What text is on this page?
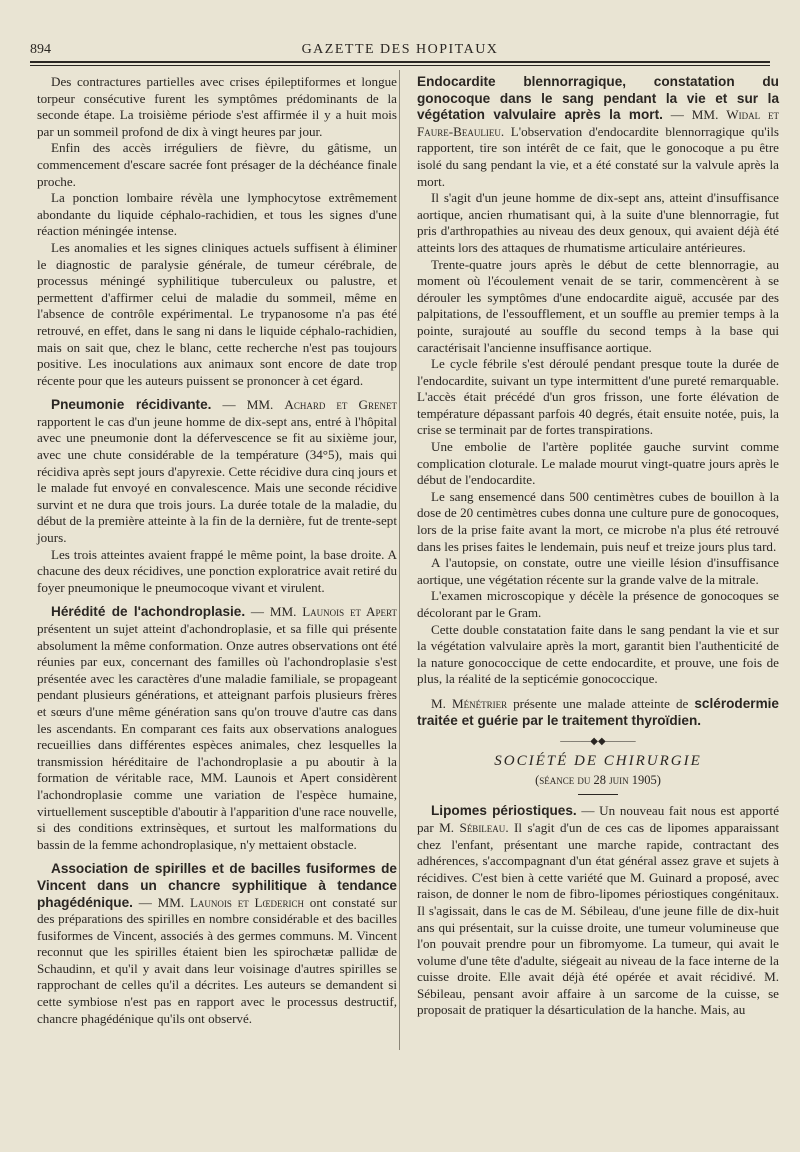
894	GAZETTE DES HOPITAUX

Des contractures partielles avec crises épileptiformes et longue torpeur consécutive furent les symptômes prédominants de la seconde étape. La troisième période s'est affirmée il y a huit mois par un sommeil profond de dix à vingt heures par jour.

Enfin des accès irréguliers de fièvre, du gâtisme, un commencement d'escare sacrée font présager de la déchéance finale proche.

La ponction lombaire révèla une lymphocytose extrêmement abondante du liquide céphalo-rachidien, et tous les signes d'une réaction méningée intense.

Les anomalies et les signes cliniques actuels suffisent à éliminer le diagnostic de paralysie générale, de tumeur cérébrale, de processus méningé syphilitique tuberculeux ou palustre, et permettent d'affirmer celui de maladie du sommeil, même en l'absence de contrôle expérimental. Le trypanosome n'a pas été retrouvé, en effet, dans le sang ni dans le liquide céphalo-rachidien, mais on sait que, chez le blanc, cette recherche n'est pas toujours positive. Les inoculations aux animaux sont encore de date trop récente pour que les auteurs puissent se prononcer à cet égard.

Pneumonie récidivante. — MM. Achard et Grenet rapportent le cas d'un jeune homme de dix-sept ans, entré à l'hôpital avec une pneumonie dont la défervescence se fit au sixième jour, avec une chute considérable de la température (34°5), mais qui récidiva après sept jours d'apyrexie. Cette récidive dura cinq jours et le malade fut envoyé en convalescence. Mais une seconde récidive survint et ne dura que trois jours. La durée totale de la maladie, du début de la première atteinte à la fin de la dernière, fut de trente-sept jours.

Les trois atteintes avaient frappé le même point, la base droite. A chacune des deux récidives, une ponction exploratrice avait retiré du foyer pneumonique le pneumocoque vivant et virulent.

Hérédité de l'achondroplasie. — MM. Launois et Apert présentent un sujet atteint d'achondroplasie, et sa fille qui présente absolument la même conformation. Onze autres observations ont été réunies par eux, concernant des familles où l'achondroplasie s'est présentée avec les caractères d'une maladie familiale, se propageant pendant plusieurs générations, et atteignant parfois plusieurs frères et sœurs d'une même génération sans qu'on trouve d'autre cas dans les ascendants. En comparant ces faits aux observations analogues recueillies dans différentes espèces animales, chez lesquelles la transmission héréditaire de l'achondroplasie a pu aboutir à la formation de véritable race, MM. Launois et Apert considèrent l'achondroplasie comme une variation de l'espèce humaine, virtuellement susceptible d'aboutir à l'apparition d'une race nouvelle, si des conditions extrinsèques, et surtout les malformations du bassin de la femme achondroplasique, n'y mettaient obstacle.

Association de spirilles et de bacilles fusiformes de Vincent dans un chancre syphilitique à tendance phagédénique. — MM. Launois et Lœderich ont constaté sur des préparations des spirilles en nombre considérable et des bacilles fusiformes de Vincent, associés à des germes communs. M. Vincent reconnut que les spirilles étaient bien les spirochætæ pallidæ de Schaudinn, et qu'il y avait dans leur voisinage d'autres spirilles se rapprochant de celles qu'il a décrites. Les auteurs se demandent si cette symbiose n'est pas en rapport avec le processus destructif, chancre phagédénique qu'ils ont observé.

Endocardite blennorragique, constatation du gonocoque dans le sang pendant la vie et sur la végétation valvulaire après la mort. — MM. Widal et Faure-Beaulieu. L'observation d'endocardite blennorragique qu'ils rapportent, tire son intérêt de ce fait, que le gonocoque a pu être isolé du sang pendant la vie, et a été constaté sur la valvule après la mort.

Il s'agit d'un jeune homme de dix-sept ans, atteint d'insuffisance aortique, ancien rhumatisant qui, à la suite d'une blennorragie, fut pris d'arthropathies au niveau des deux genoux, qui avaient déjà été atteints lors des attaques de rhumatisme articulaire antérieures.

Trente-quatre jours après le début de cette blennorragie, au moment où l'écoulement venait de se tarir, commencèrent à se dérouler les symptômes d'une endocardite aiguë, accusée par des palpitations, de l'essoufflement, et un souffle au premier temps à la pointe, surajouté au souffle du second temps à la base qui caractérisait l'ancienne insuffisance aortique.

Le cycle fébrile s'est déroulé pendant presque toute la durée de l'endocardite, suivant un type intermittent d'une pureté remarquable. L'accès était précédé d'un gros frisson, une forte élévation de température dépassant parfois 40 degrés, était ensuite notée, puis, la crise se terminait par de fortes transpirations.

Une embolie de l'artère poplitée gauche survint comme complication cloturale. Le malade mourut vingt-quatre jours après le début de l'endocardite.

Le sang ensemencé dans 500 centimètres cubes de bouillon à la dose de 20 centimètres cubes donna une culture pure de gonocoques, lors de la prise faite avant la mort, ce microbe n'a plus été retrouvé dans les prises faites le lendemain, puis neuf et treize jours plus tard.

A l'autopsie, on constate, outre une vieille lésion d'insuffisance aortique, une végétation récente sur la grande valve de la mitrale.

L'examen microscopique y décèle la présence de gonocoques se décolorant par le Gram.

Cette double constatation faite dans le sang pendant la vie et sur la végétation valvulaire après la mort, garantit bien l'authenticité de la nature gonococcique de cette endocardite, et prouve, une fois de plus, la réalité de la septicémie gonococcique.

M. Ménétrier présente une malade atteinte de sclérodermie traitée et guérie par le traitement thyroïdien.

———◆◆———
SOCIÉTÉ DE CHIRURGIE
(séance du 28 juin 1905)

Lipomes périostiques. — Un nouveau fait nous est apporté par M. Sébileau. Il s'agit d'un de ces cas de lipomes apparaissant chez l'enfant, présentant une marche rapide, contractant des adhérences, s'accompagnant d'un état général assez grave et sujets à récidives. C'est bien à cette variété que M. Guinard a proposé, avec raison, de donner le nom de fibro-lipomes périostiques congénitaux. Il s'agissait, dans le cas de M. Sébileau, d'une jeune fille de dix-huit ans qui présentait, sur la cuisse droite, une tumeur volumineuse que l'on pouvait prendre pour un fibromyome. La tumeur, qui avait le volume d'une tête d'adulte, siégeait au niveau de la face interne de la cuisse droite. Elle avait déjà été opérée et avait récidivé. M. Sébileau, pensant avoir affaire à un sarcome de la cuisse, se proposait de pratiquer la désarticulation de la hanche. Mais, au
